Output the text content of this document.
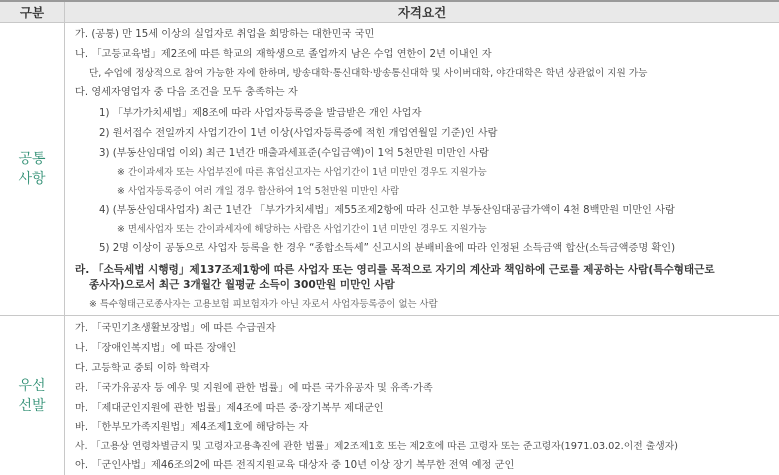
구분	자격요건
공통
사항
가. (공통) 만 15세 이상의 실업자로 취업을 희망하는 대한민국 국민
나. 「고등교육법」제2조에 따른 학교의 재학생으로 졸업까지 남은 수업 연한이 2년 이내인 자
단, 수업에 정상적으로 참여 가능한 자에 한하며, 방송대학·통신대학·방송통신대학 및 사이버대학, 야간대학은 학년 상관없이 지원 가능
다. 영세자영업자 중 다음 조건을 모두 충족하는 자
1) 「부가가치세법」제8조에 따라 사업자등록증을 발급받은 개인 사업자
2) 원서접수 전일까지 사업기간이 1년 이상(사업자등록증에 적힌 개업연월일 기준)인 사람
3) (부동산임대업 이외) 최근 1년간 매출과세표준(수입금액)이 1억 5천만원 미만인 사람
※ 간이과세자 또는 사업부진에 따른 휴업신고자는 사업기간이 1년 미만인 경우도 지원가능
※ 사업자등록증이 여러 개일 경우 합산하여 1억 5천만원 미만인 사람
4) (부동산임대사업자) 최근 1년간 「부가가치세법」제55조제2항에 따라 신고한 부동산임대공급가액이 4천 8백만원 미만인 사람
※ 면세사업자 또는 간이과세자에 해당하는 사람은 사업기간이 1년 미만인 경우도 지원가능
5) 2명 이상이 공동으로 사업자 등록을 한 경우 “종합소득세” 신고시의 분배비율에 따라 인정된 소득금액 합산(소득금액증명 확인)
라. 「소득세법 시행령」제137조제1항에 따른 사업자 또는 영리를 목적으로 자기의 계산과 책임하에 근로를 제공하는 사람(특수형태근로
종사자)으로서 최근 3개월간 월평균 소득이 300만원 미만인 사람
※ 특수형태근로종사자는 고용보험 피보험자가 아닌 자로서 사업자등록증이 없는 사람
우선
선발
가. 「국민기초생활보장법」에 따른 수급권자
나. 「장애인복지법」에 따른 장애인
다. 고등학교 중퇴 이하 학력자
라. 「국가유공자 등 예우 및 지원에 관한 법률」에 따른 국가유공자 및 유족·가족
마. 「제대군인지원에 관한 법률」제4조에 따른 중·장기복무 제대군인
바. 「한부모가족지원법」제4조제1호에 해당하는 자
사. 「고용상 연령차별금지 및 고령자고용촉진에 관한 법률」제2조제1호 또는 제2호에 따른 고령자 또는 준고령자(1971.03.02.이전 출생자)
아. 「군인사법」제46조의2에 따른 전직지원교육 대상자 중 10년 이상 장기 복무한 전역 예정 군인
